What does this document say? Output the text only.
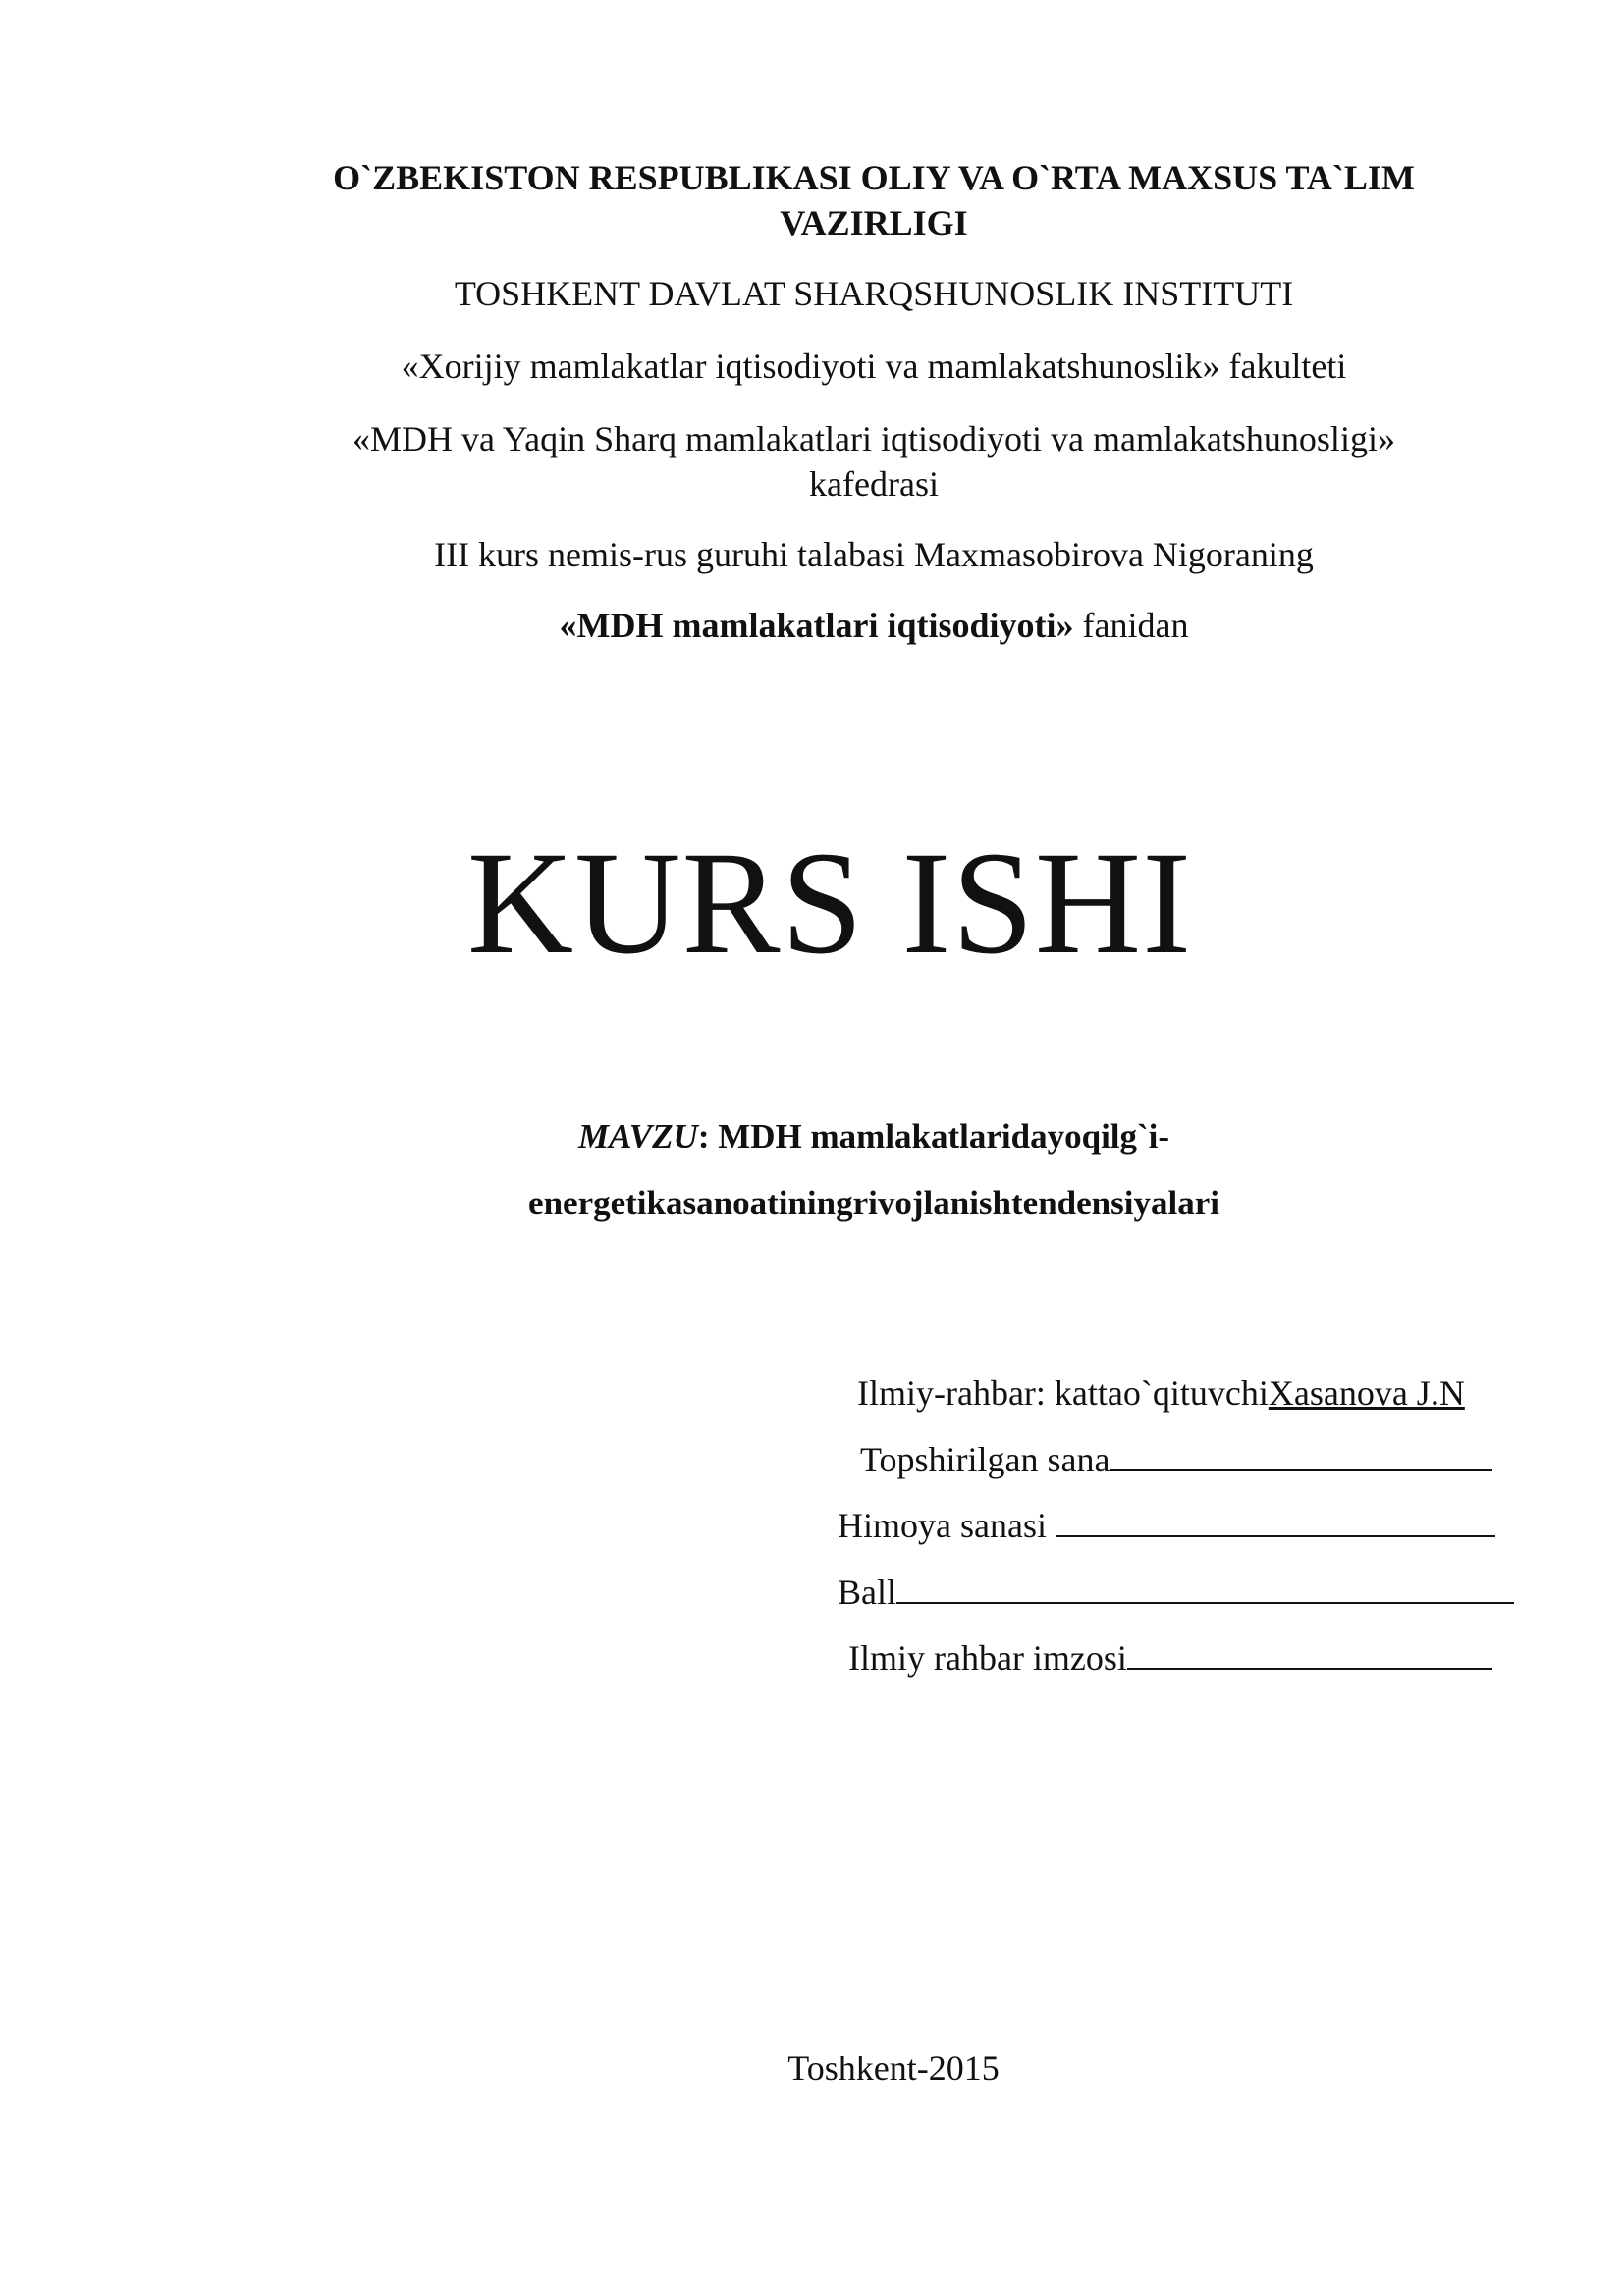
O`ZBEKISTON RESPUBLIKASI OLIY VA O`RTA MAXSUS TA`LIM VAZIRLIGI
TOSHKENT DAVLAT SHARQSHUNOSLIK INSTITUTI
«Xorijiy mamlakatlar iqtisodiyoti va mamlakatshunoslik» fakulteti
«MDH va Yaqin Sharq mamlakatlari iqtisodiyoti va mamlakatshunosligi» kafedrasi
III kurs nemis-rus guruhi talabasi Maxmasobirova Nigoraning
«MDH mamlakatlari iqtisodiyoti» fanidan
KURS ISHI
MAVZU: MDH mamlakatlaridayoqilg`i-
energetikasanoatiningrivojlanishtendensiyalari
Ilmiy-rahbar: kattao`qituvchiXasanova J.N
Topshirilgan sana
Himoya sanasi
Ball
Ilmiy rahbar imzosi
Toshkent-2015
